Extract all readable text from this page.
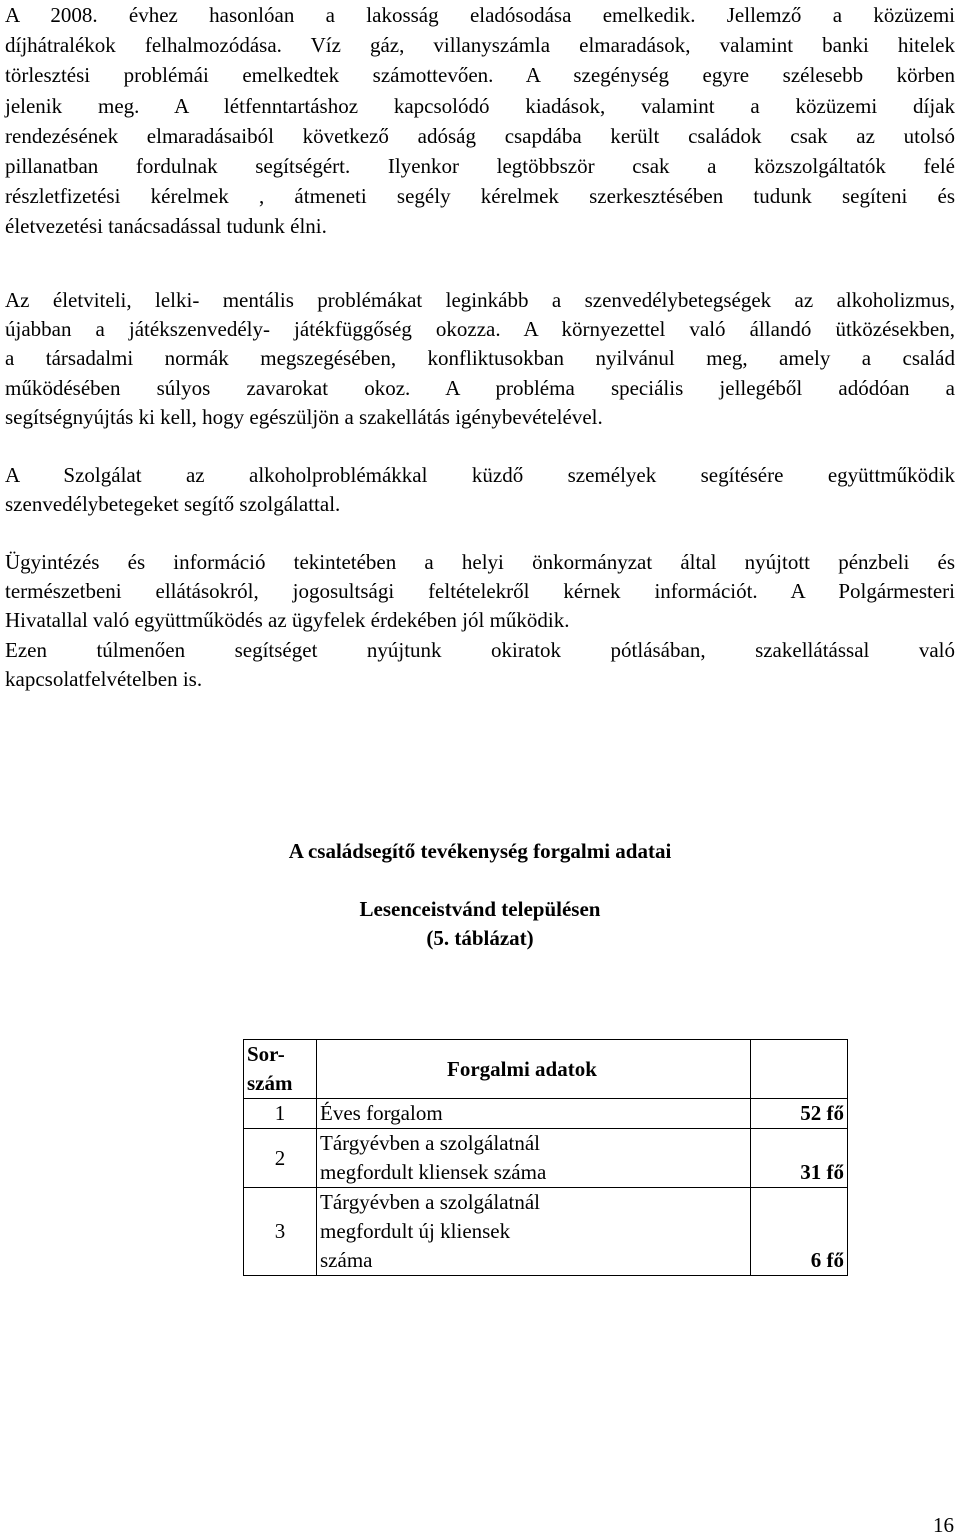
A 2008. évhez hasonlóan a lakosság eladósodása emelkedik. Jellemző a közüzemi
díjhátralékok felhalmozódása. Víz gáz, villanyszámla elmaradások, valamint banki hitelek
törlesztési problémái emelkedtek számottevően. A szegénység egyre szélesebb körben
jelenik meg. A létfenntartáshoz kapcsolódó kiadások, valamint a közüzemi díjak
rendezésének elmaradásaiból következő adóság csapdába került családok csak az utolsó
pillanatban fordulnak segítségért. Ilyenkor legtöbbször csak a közszolgáltatók felé
részletfizetési kérelmek , átmeneti segély kérelmek szerkesztésében tudunk segíteni és
életvezetési tanácsadással tudunk élni.
Az életviteli, lelki- mentális problémákat leginkább a szenvedélybetegségek az alkoholizmus,
újabban a játékszenvedély- játékfüggőség okozza. A környezettel való állandó ütközésekben,
a társadalmi normák megszegésében, konfliktusokban nyilvánul meg, amely a család
működésében súlyos zavarokat okoz. A probléma speciális jellegéből adódóan a
segítségnyújtás ki kell, hogy egészüljön a szakellátás igénybevételével.
A Szolgálat az alkoholproblémákkal küzdő személyek segítésére együttműködik
szenvedélybetegeket segítő szolgálattal.
Ügyintézés és információ tekintetében a helyi önkormányzat által nyújtott pénzbeli és
természetbeni ellátásokról, jogosultsági feltételekről kérnek információt. A Polgármesteri
Hivatallal való együttműködés az ügyfelek érdekében jól működik.
Ezen túlmenően segítséget nyújtunk okiratok pótlásában, szakellátással való
kapcsolatfelvételben is.

A családsegítő tevékenység forgalmi adatai

Lesenceistvánd településen

(5. táblázat)

Sor-
szám	Forgalmi adatok	
1	Éves forgalom	52 fő
2	Tárgyévben a szolgálatnál
megfordult kliensek száma	31 fő
3	Tárgyévben a szolgálatnál
megfordult új kliensek
száma	6 fő
16
